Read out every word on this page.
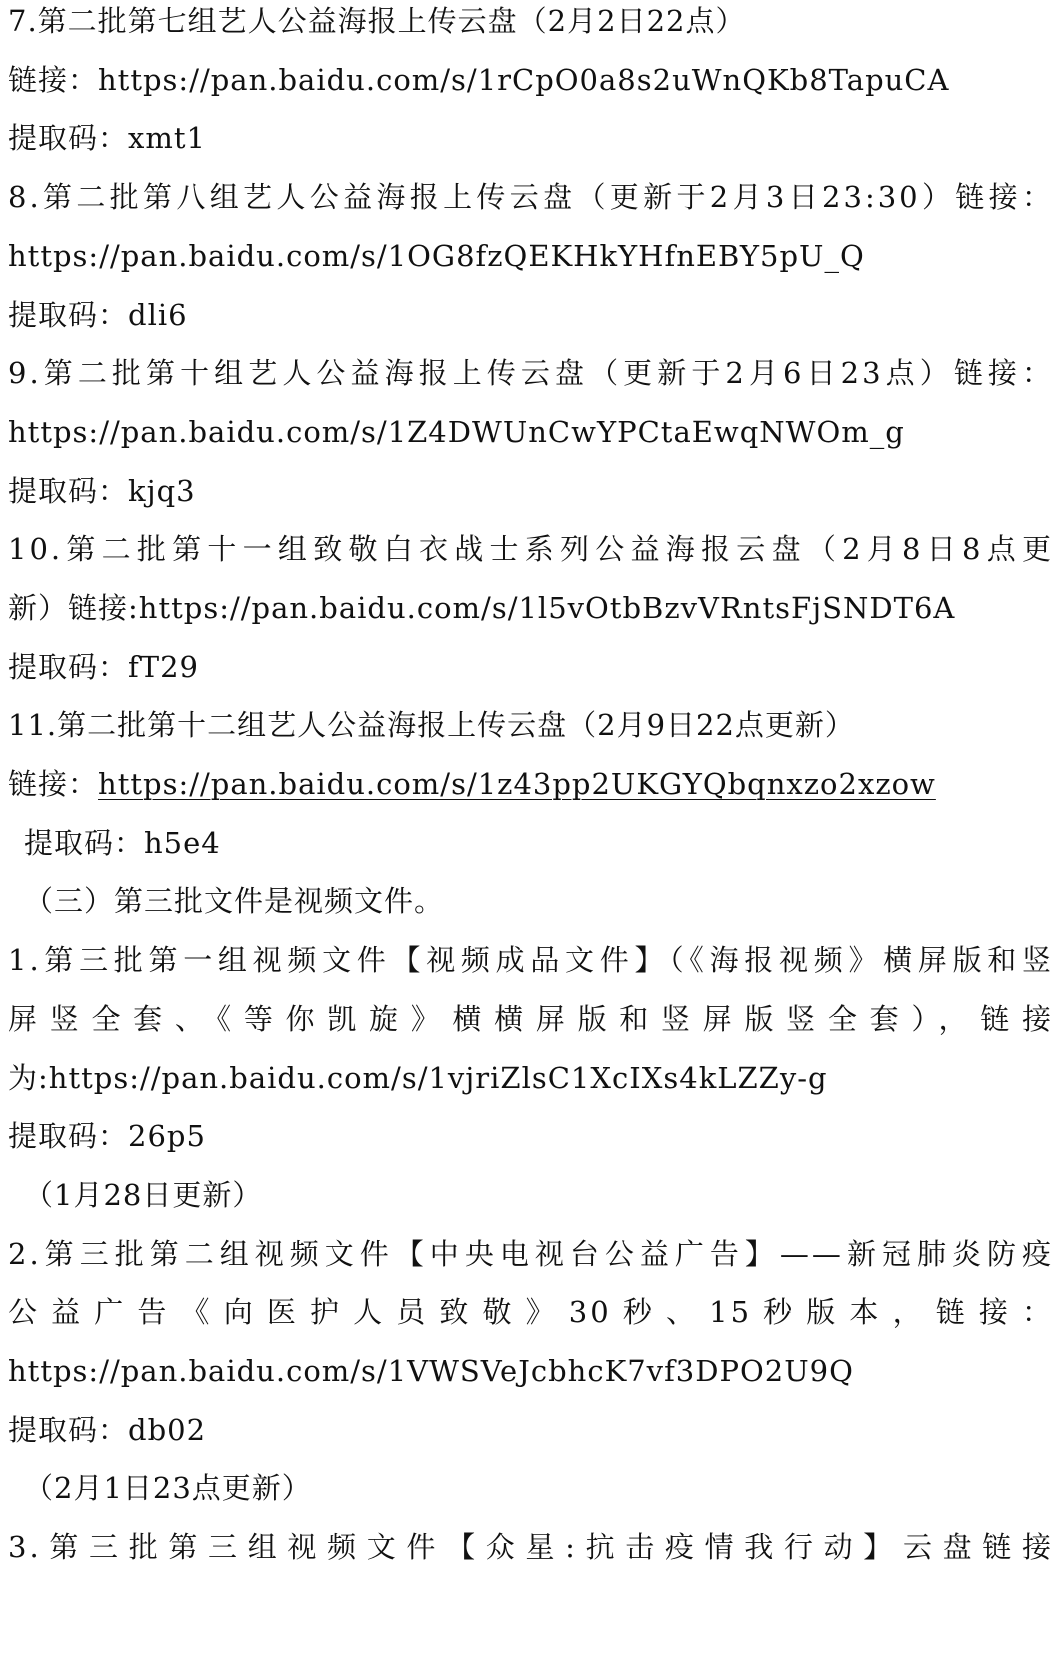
7.第二批第七组艺人公益海报上传云盘（2月2日22点）
链接：https://pan.baidu.com/s/1rCpO0a8s2uWnQKb8TapuCA
提取码：xmt1
8.第二批第八组艺人公益海报上传云盘（更新于2月3日23:30）链接：
https://pan.baidu.com/s/1OG8fzQEKHkYHfnEBY5pU_Q
提取码：dli6
9.第二批第十组艺人公益海报上传云盘（更新于2月6日23点）链接：
https://pan.baidu.com/s/1Z4DWUnCwYPCtaEwqNWOm_g
提取码：kjq3
10.第二批第十一组致敬白衣战士系列公益海报云盘（2月8日8点更
新）链接:https://pan.baidu.com/s/1l5vOtbBzvVRntsFjSNDT6A
提取码：fT29
11.第二批第十二组艺人公益海报上传云盘（2月9日22点更新）
链接：https://pan.baidu.com/s/1z43pp2UKGYQbqnxzo2xzow
提取码：h5e4
（三）第三批文件是视频文件。
1.第三批第一组视频文件【视频成品文件】（《海报视频》横屏版和竖
屏竖全套、《等你凯旋》横横屏版和竖屏版竖全套），链接
为:https://pan.baidu.com/s/1vjriZlsC1XcIXs4kLZZy-g
提取码：26p5
（1月28日更新）
2.第三批第二组视频文件【中央电视台公益广告】——新冠肺炎防疫
公益广告《向医护人员致敬》30秒、15秒版本，链接：
https://pan.baidu.com/s/1VWSVeJcbhcK7vf3DPO2U9Q
提取码：db02
（2月1日23点更新）
3.第三批第三组视频文件【众星:抗击疫情我行动】云盘链接
